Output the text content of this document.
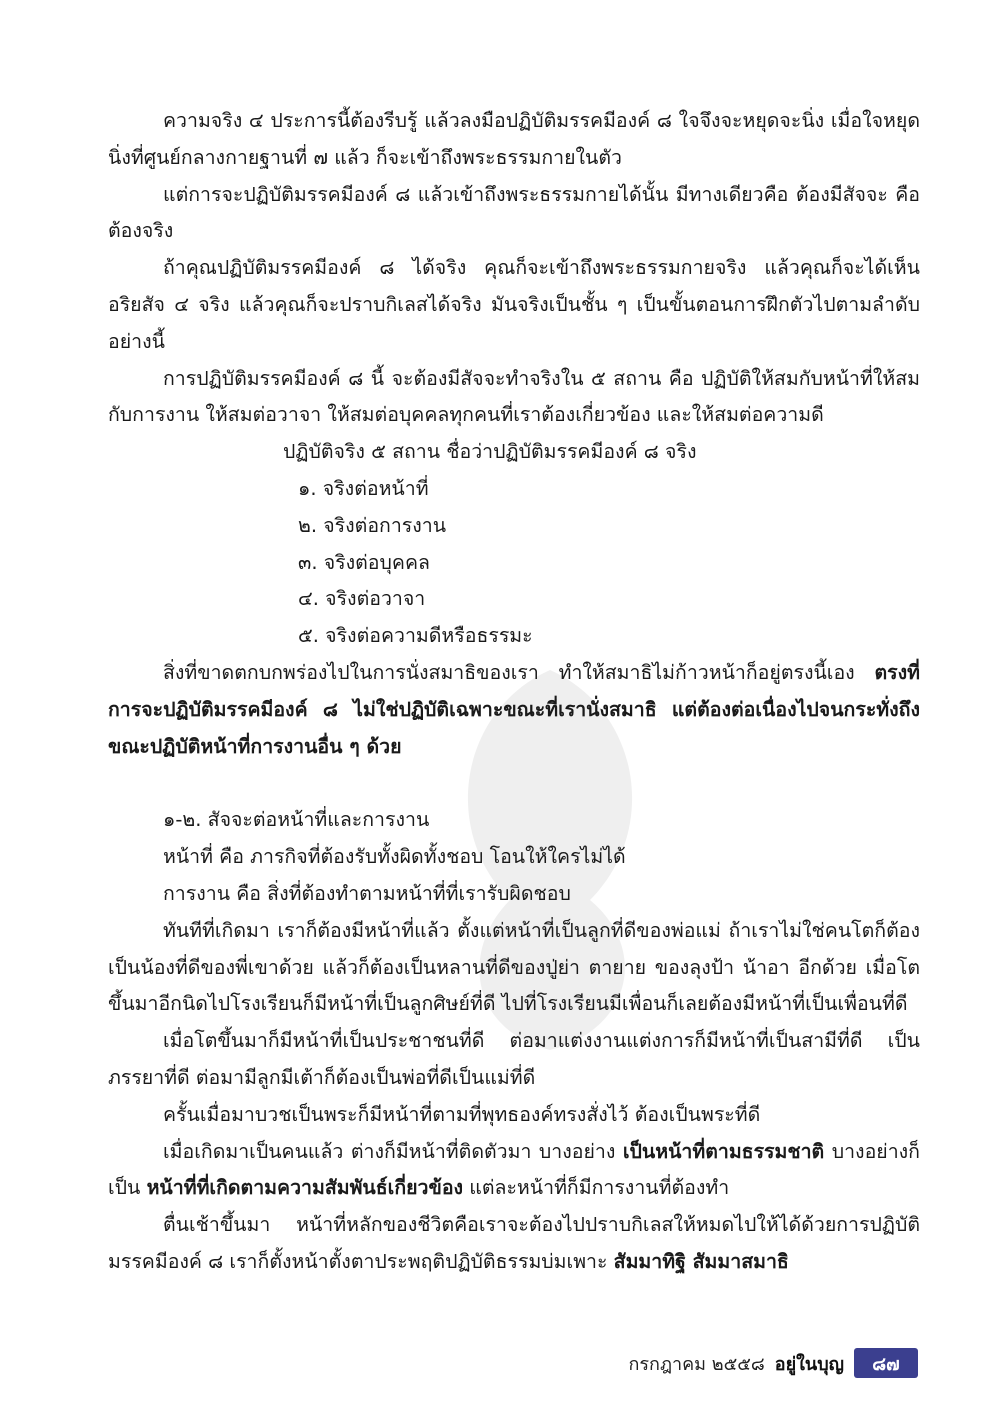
ความจริง ๔ ประการนี้ต้องรีบรู้ แล้วลงมือปฏิบัติมรรคมีองค์ ๘ ใจจึงจะหยุดจะนิ่ง เมื่อใจหยุดนิ่งที่ศูนย์กลางกายฐานที่ ๗ แล้ว ก็จะเข้าถึงพระธรรมกายในตัว

แต่การจะปฏิบัติมรรคมีองค์ ๘ แล้วเข้าถึงพระธรรมกายได้นั้น มีทางเดียวคือ ต้องมีสัจจะ คือ ต้องจริง

ถ้าคุณปฏิบัติมรรคมีองค์ ๘ ได้จริง คุณก็จะเข้าถึงพระธรรมกายจริง แล้วคุณก็จะได้เห็นอริยสัจ ๔ จริง แล้วคุณก็จะปราบกิเลสได้จริง มันจริงเป็นชั้น ๆ เป็นขั้นตอนการฝึกตัวไปตามลำดับอย่างนี้

การปฏิบัติมรรคมีองค์ ๘ นี้ จะต้องมีสัจจะทำจริงใน ๕ สถาน คือ ปฏิบัติให้สมกับหน้าที่ให้สมกับการงาน ให้สมต่อวาจา ให้สมต่อบุคคลทุกคนที่เราต้องเกี่ยวข้อง และให้สมต่อความดี

ปฏิบัติจริง ๕ สถาน ชื่อว่าปฏิบัติมรรคมีองค์ ๘ จริง

๑. จริงต่อหน้าที่
๒. จริงต่อการงาน
๓. จริงต่อบุคคล
๔. จริงต่อวาจา
๕. จริงต่อความดีหรือธรรมะ

สิ่งที่ขาดตกบกพร่องไปในการนั่งสมาธิของเรา ทำให้สมาธิไม่ก้าวหน้าก็อยู่ตรงนี้เอง ตรงที่การจะปฏิบัติมรรคมีองค์ ๘ ไม่ใช่ปฏิบัติเฉพาะขณะที่เรานั่งสมาธิ แต่ต้องต่อเนื่องไปจนกระทั่งถึงขณะปฏิบัติหน้าที่การงานอื่น ๆ ด้วย

๑-๒. สัจจะต่อหน้าที่และการงาน

หน้าที่ คือ ภารกิจที่ต้องรับทั้งผิดทั้งชอบ โอนให้ใครไม่ได้

การงาน คือ สิ่งที่ต้องทำตามหน้าที่ที่เรารับผิดชอบ

ทันทีที่เกิดมา เราก็ต้องมีหน้าที่แล้ว ตั้งแต่หน้าที่เป็นลูกที่ดีของพ่อแม่ ถ้าเราไม่ใช่คนโตก็ต้องเป็นน้องที่ดีของพี่เขาด้วย แล้วก็ต้องเป็นหลานที่ดีของปู่ย่า ตายาย ของลุงป้า น้าอา อีกด้วย เมื่อโตขึ้นมาอีกนิดไปโรงเรียนก็มีหน้าที่เป็นลูกศิษย์ที่ดี ไปที่โรงเรียนมีเพื่อนก็เลยต้องมีหน้าที่เป็นเพื่อนที่ดี

เมื่อโตขึ้นมาก็มีหน้าที่เป็นประชาชนที่ดี ต่อมาแต่งงานแต่งการก็มีหน้าที่เป็นสามีที่ดี เป็นภรรยาที่ดี ต่อมามีลูกมีเต้าก็ต้องเป็นพ่อที่ดีเป็นแม่ที่ดี

ครั้นเมื่อมาบวชเป็นพระก็มีหน้าที่ตามที่พุทธองค์ทรงสั่งไว้ ต้องเป็นพระที่ดี

เมื่อเกิดมาเป็นคนแล้ว ต่างก็มีหน้าที่ติดตัวมา บางอย่าง เป็นหน้าที่ตามธรรมชาติ บางอย่างก็เป็น หน้าที่ที่เกิดตามความสัมพันธ์เกี่ยวข้อง แต่ละหน้าที่ก็มีการงานที่ต้องทำ

ตื่นเช้าขึ้นมา หน้าที่หลักของชีวิตคือเราจะต้องไปปราบกิเลสให้หมดไปให้ได้ด้วยการปฏิบัติมรรคมีองค์ ๘ เราก็ตั้งหน้าตั้งตาประพฤติปฏิบัติธรรมบ่มเพาะ สัมมาทิฐิ สัมมาสมาธิ

กรกฎาคม ๒๕๕๘ อยู่ในบุญ	๘๗
